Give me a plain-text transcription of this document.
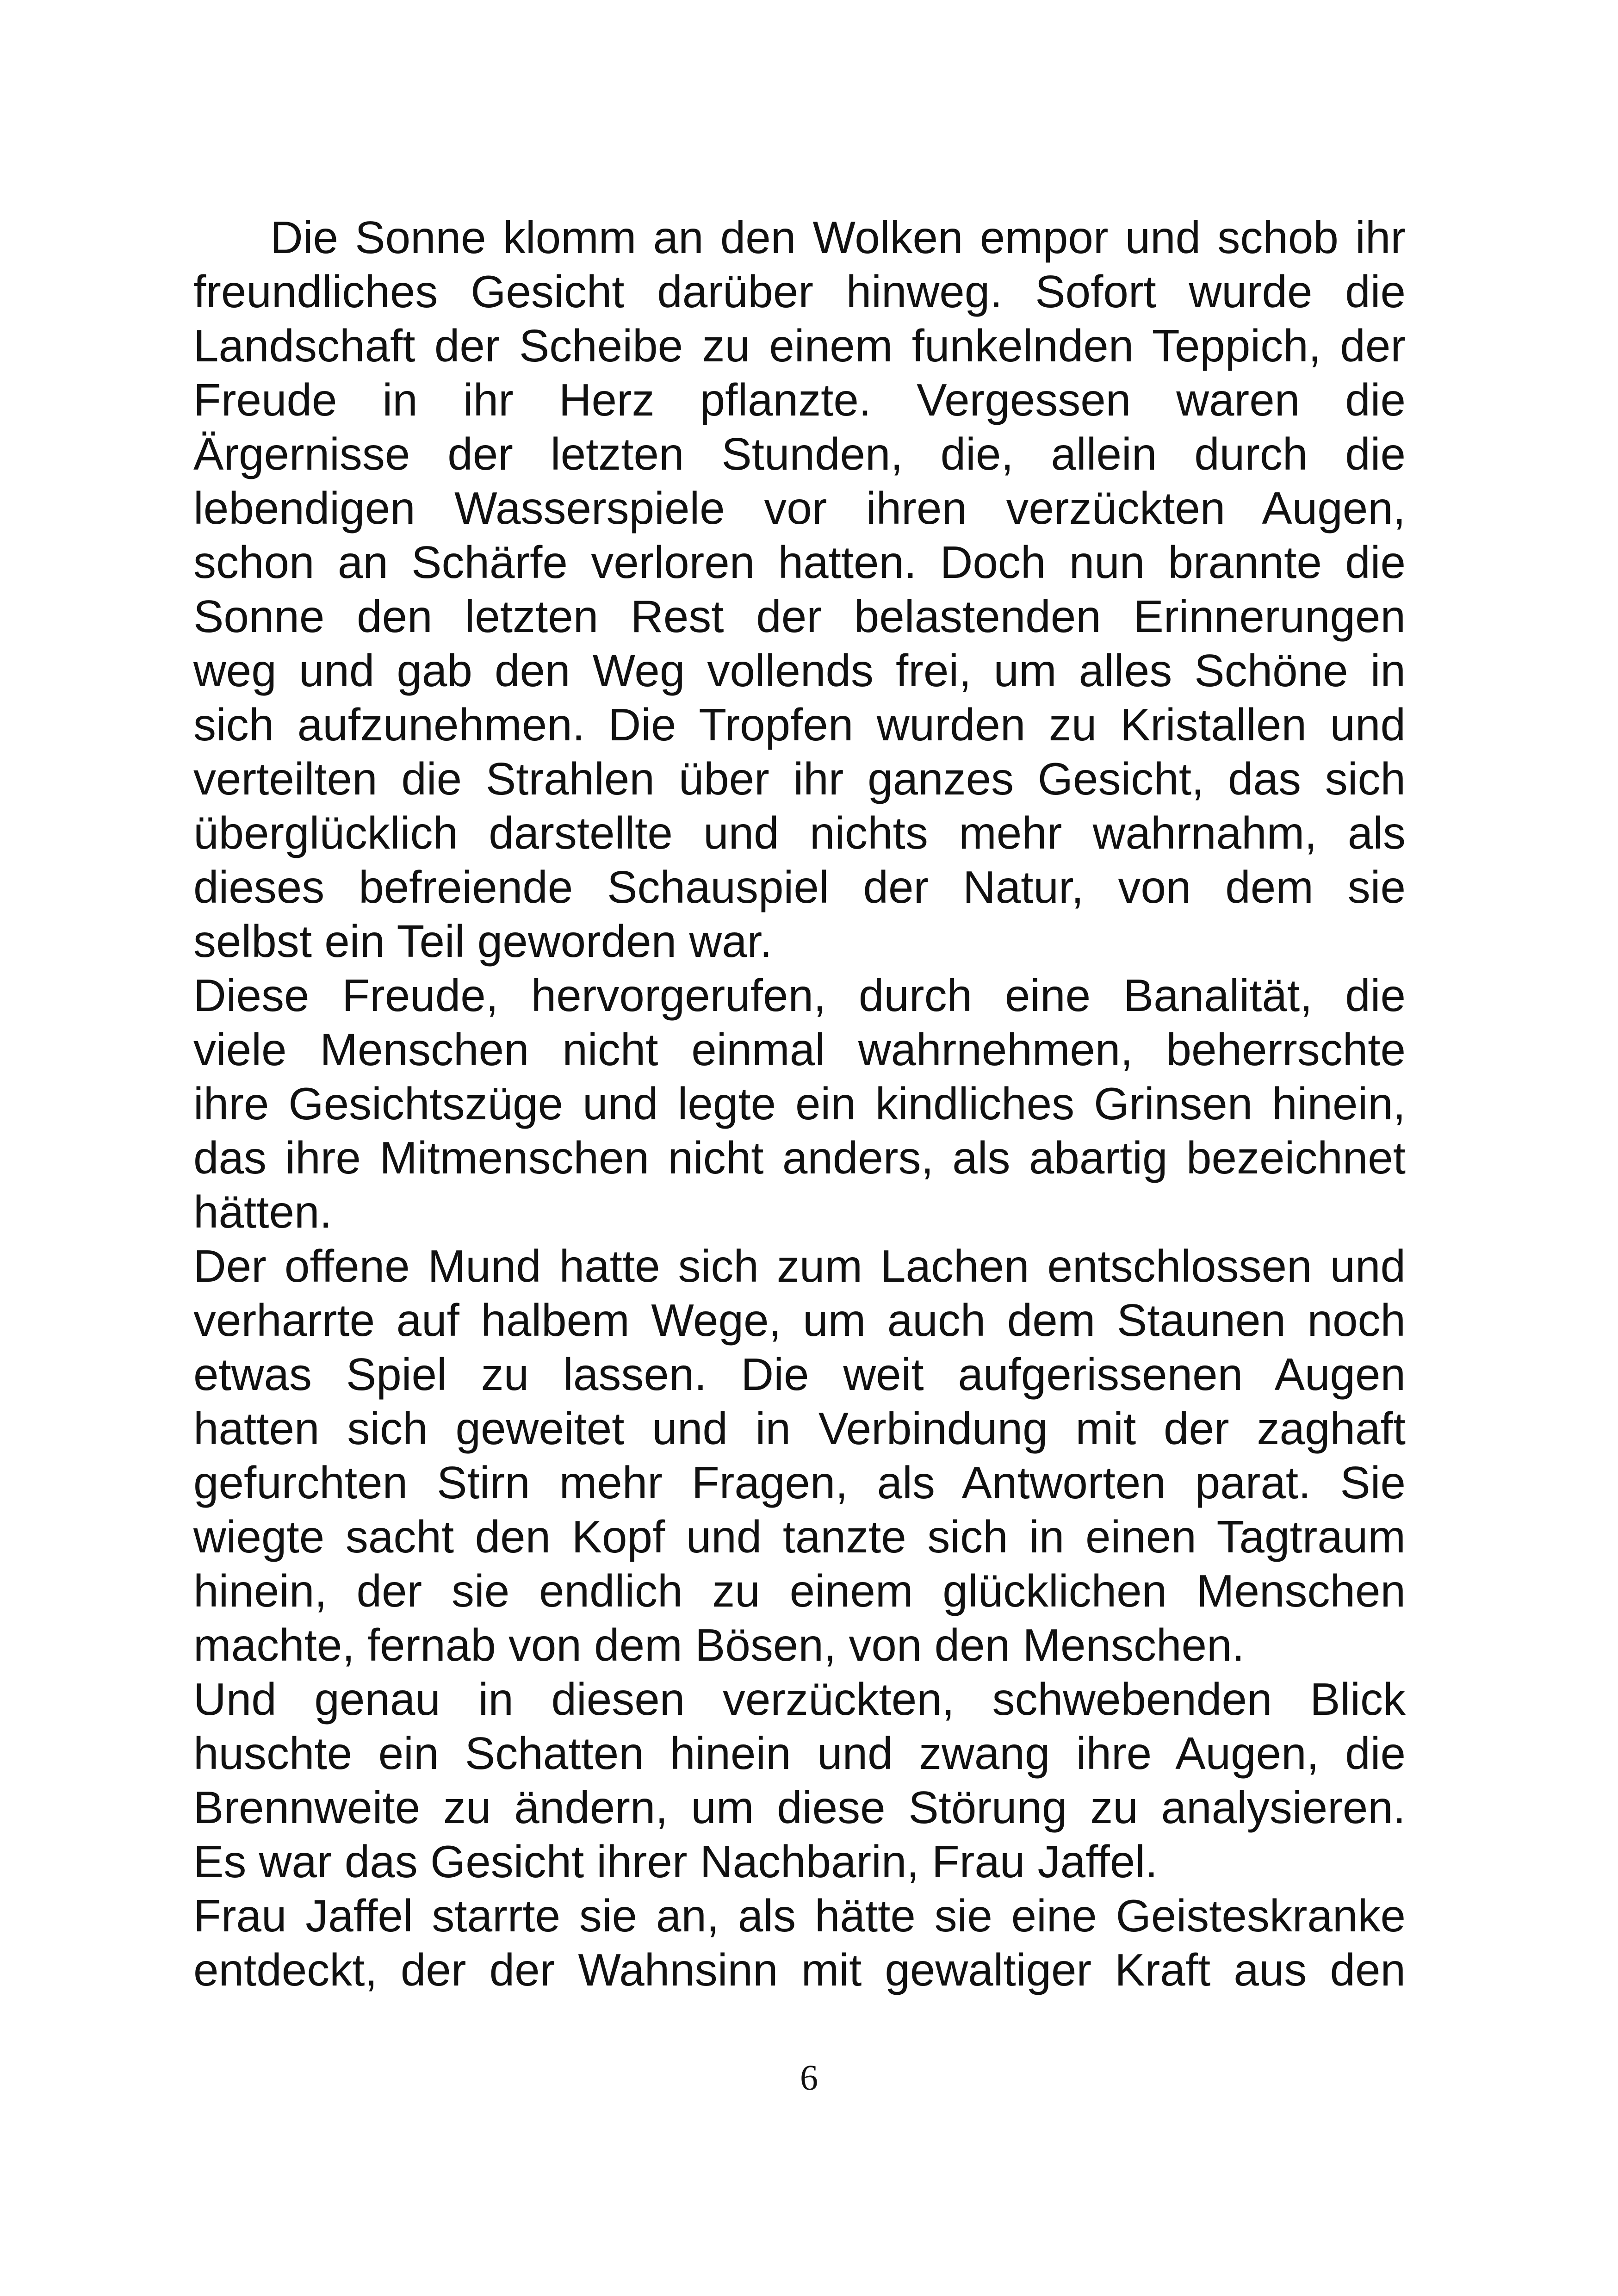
Die Sonne klomm an den Wolken empor und schob ihr
freundliches Gesicht darüber hinweg. Sofort wurde die
Landschaft der Scheibe zu einem funkelnden Teppich, der
Freude in ihr Herz pflanzte. Vergessen waren die
Ärgernisse der letzten Stunden, die, allein durch die
lebendigen Wasserspiele vor ihren verzückten Augen,
schon an Schärfe verloren hatten. Doch nun brannte die
Sonne den letzten Rest der belastenden Erinnerungen
weg und gab den Weg vollends frei, um alles Schöne in
sich aufzunehmen. Die Tropfen wurden zu Kristallen und
verteilten die Strahlen über ihr ganzes Gesicht, das sich
überglücklich darstellte und nichts mehr wahrnahm, als
dieses befreiende Schauspiel der Natur, von dem sie
selbst ein Teil geworden war.
Diese Freude, hervorgerufen, durch eine Banalität, die
viele Menschen nicht einmal wahrnehmen, beherrschte
ihre Gesichtszüge und legte ein kindliches Grinsen hinein,
das ihre Mitmenschen nicht anders, als abartig bezeichnet
hätten.
Der offene Mund hatte sich zum Lachen entschlossen und
verharrte auf halbem Wege, um auch dem Staunen noch
etwas Spiel zu lassen. Die weit aufgerissenen Augen
hatten sich geweitet und in Verbindung mit der zaghaft
gefurchten Stirn mehr Fragen, als Antworten parat. Sie
wiegte sacht den Kopf und tanzte sich in einen Tagtraum
hinein, der sie endlich zu einem glücklichen Menschen
machte, fernab von dem Bösen, von den Menschen.
Und genau in diesen verzückten, schwebenden Blick
huschte ein Schatten hinein und zwang ihre Augen, die
Brennweite zu ändern, um diese Störung zu analysieren.
Es war das Gesicht ihrer Nachbarin, Frau Jaffel.
Frau Jaffel starrte sie an, als hätte sie eine Geisteskranke
entdeckt, der der Wahnsinn mit gewaltiger Kraft aus den
6
